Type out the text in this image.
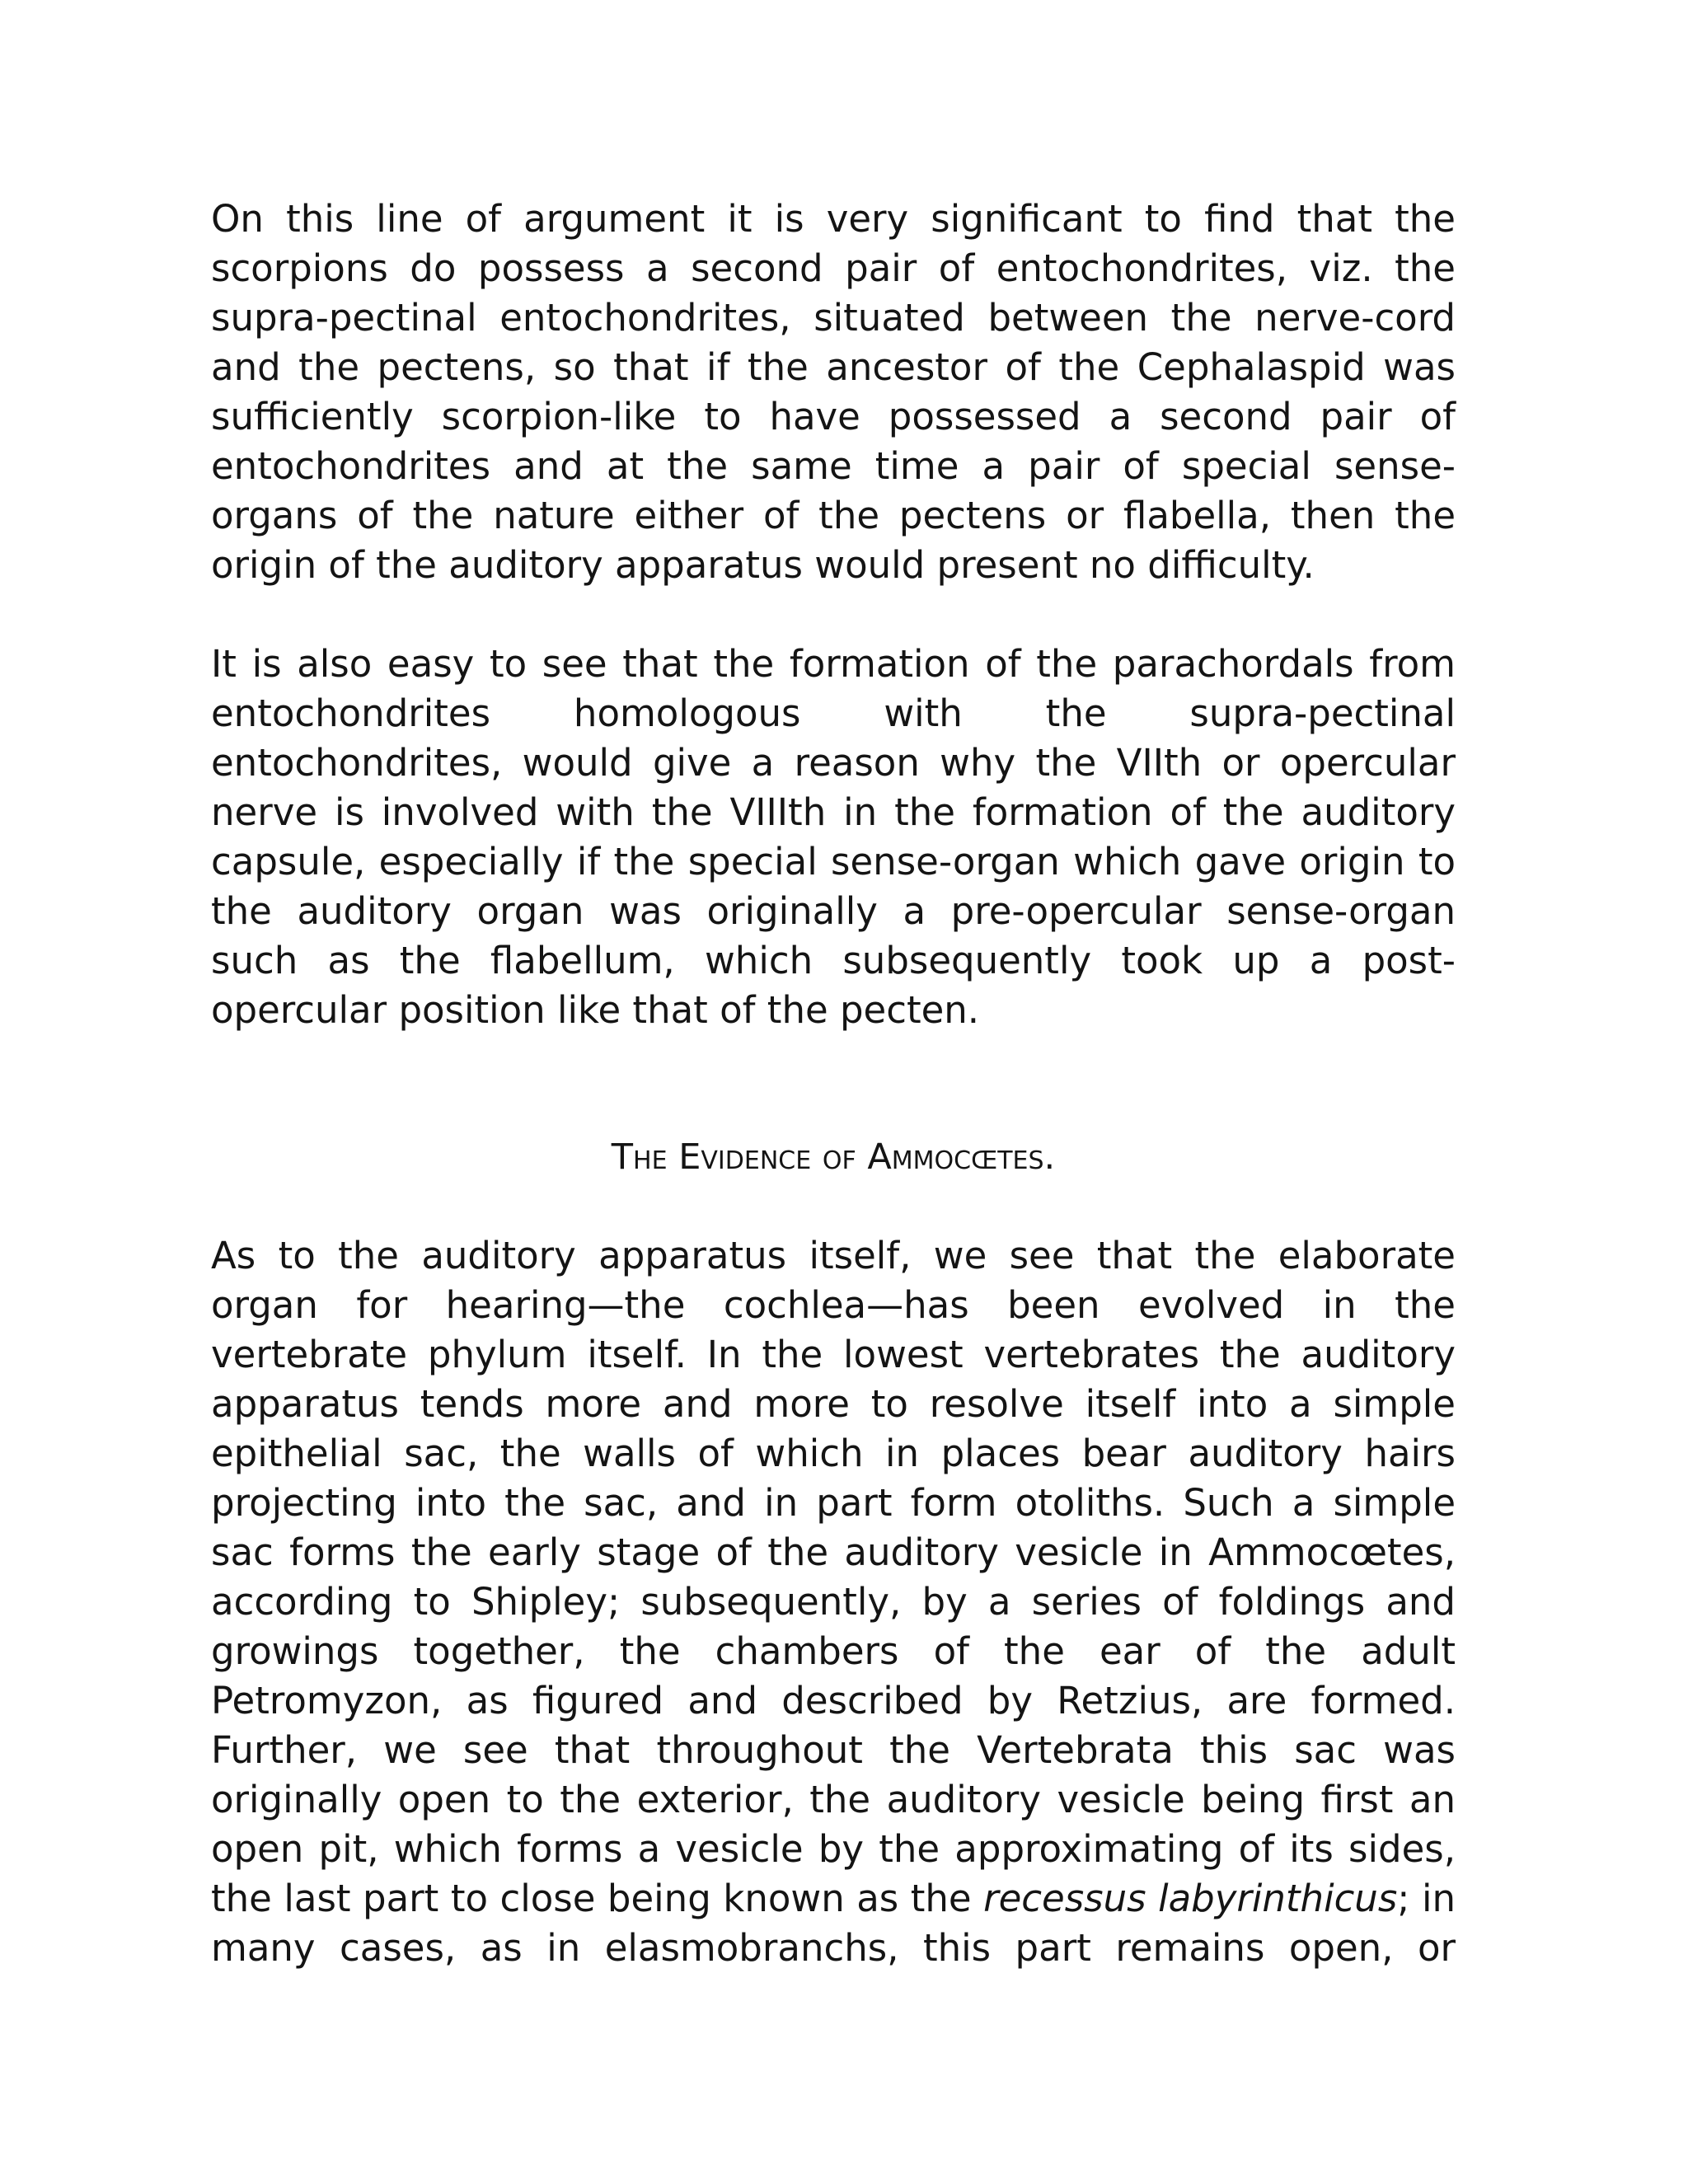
On this line of argument it is very significant to find that the scorpions do possess a second pair of entochondrites, viz. the supra-pectinal entochondrites, situated between the nerve-cord and the pectens, so that if the ancestor of the Cephalaspid was sufficiently scorpion-like to have possessed a second pair of entochondrites and at the same time a pair of special sense-organs of the nature either of the pectens or flabella, then the origin of the auditory apparatus would present no difficulty.

It is also easy to see that the formation of the parachordals from entochondrites homologous with the supra-pectinal entochondrites, would give a reason why the VIIth or opercular nerve is involved with the VIIIth in the formation of the auditory capsule, especially if the special sense-organ which gave origin to the auditory organ was originally a pre-opercular sense-organ such as the flabellum, which subsequently took up a post-opercular position like that of the pecten.

The Evidence of Ammocœtes.

As to the auditory apparatus itself, we see that the elaborate organ for hearing—the cochlea—has been evolved in the vertebrate phylum itself. In the lowest vertebrates the auditory apparatus tends more and more to resolve itself into a simple epithelial sac, the walls of which in places bear auditory hairs projecting into the sac, and in part form otoliths. Such a simple sac forms the early stage of the auditory vesicle in Ammocœtes, according to Shipley; subsequently, by a series of foldings and growings together, the chambers of the ear of the adult Petromyzon, as figured and described by Retzius, are formed. Further, we see that throughout the Vertebrata this sac was originally open to the exterior, the auditory vesicle being first an open pit, which forms a vesicle by the approximating of its sides, the last part to close being known as the recessus labyrinthicus; in many cases, as in elasmobranchs, this part remains open, or
